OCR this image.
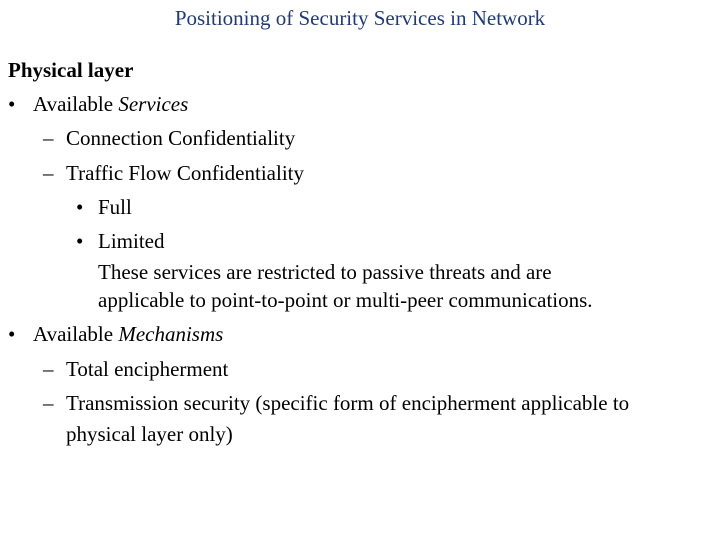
Positioning of Security Services in Network
Physical layer
• Available Services
– Connection Confidentiality
– Traffic Flow Confidentiality
• Full
• Limited
These services are restricted to passive threats and are
applicable to point-to-point or multi-peer communications.
• Available Mechanisms
– Total encipherment
– Transmission security (specific form of encipherment applicable to
physical layer only)
